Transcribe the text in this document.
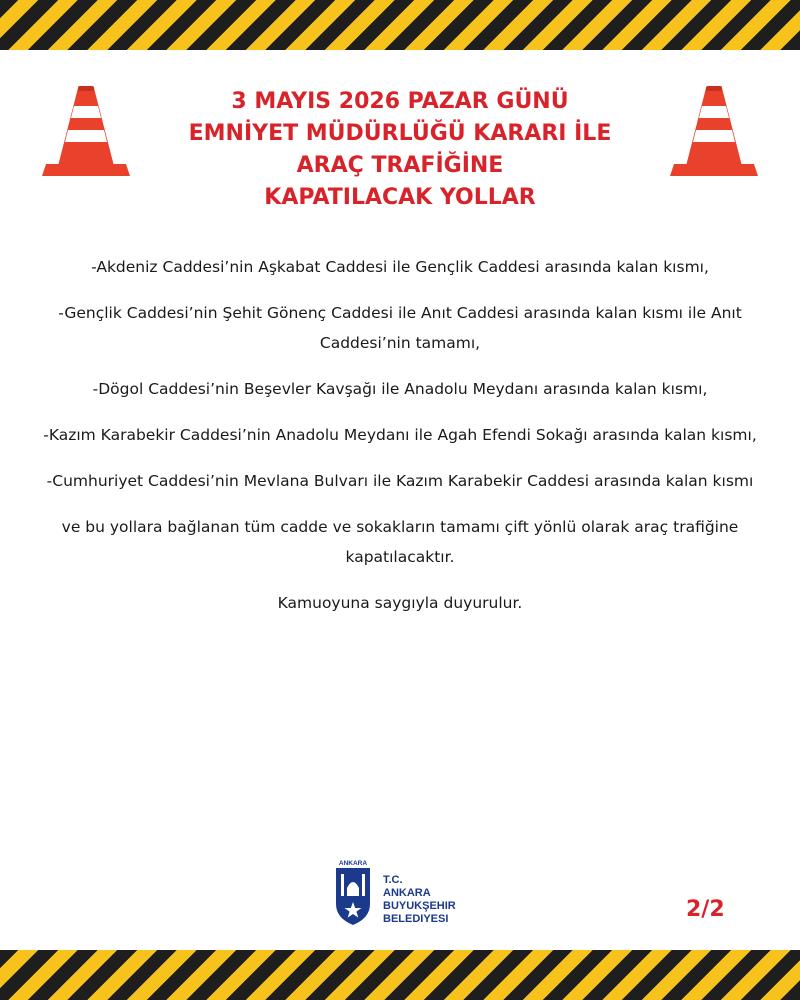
3 MAYIS 2026 PAZAR GÜNÜ
EMNİYET MÜDÜRLÜĞÜ KARARI İLE
ARAÇ TRAFİĞİNE
KAPATILACAK YOLLAR

-Akdeniz Caddesi’nin Aşkabat Caddesi ile Gençlik Caddesi arasında kalan kısmı,

-Gençlik Caddesi’nin Şehit Gönenç Caddesi ile Anıt Caddesi arasında kalan kısmı ile Anıt Caddesi’nin tamamı,

-Dögol Caddesi’nin Beşevler Kavşağı ile Anadolu Meydanı arasında kalan kısmı,

-Kazım Karabekir Caddesi’nin Anadolu Meydanı ile Agah Efendi Sokağı arasında kalan kısmı,

-Cumhuriyet Caddesi’nin Mevlana Bulvarı ile Kazım Karabekir Caddesi arasında kalan kısmı

ve bu yollara bağlanan tüm cadde ve sokakların tamamı çift yönlü olarak araç trafiğine kapatılacaktır.

Kamuoyuna saygıyla duyurulur.

ANKARA
T.C.
ANKARA
BUYUKŞEHIR
BELEDIYESI	2/2
